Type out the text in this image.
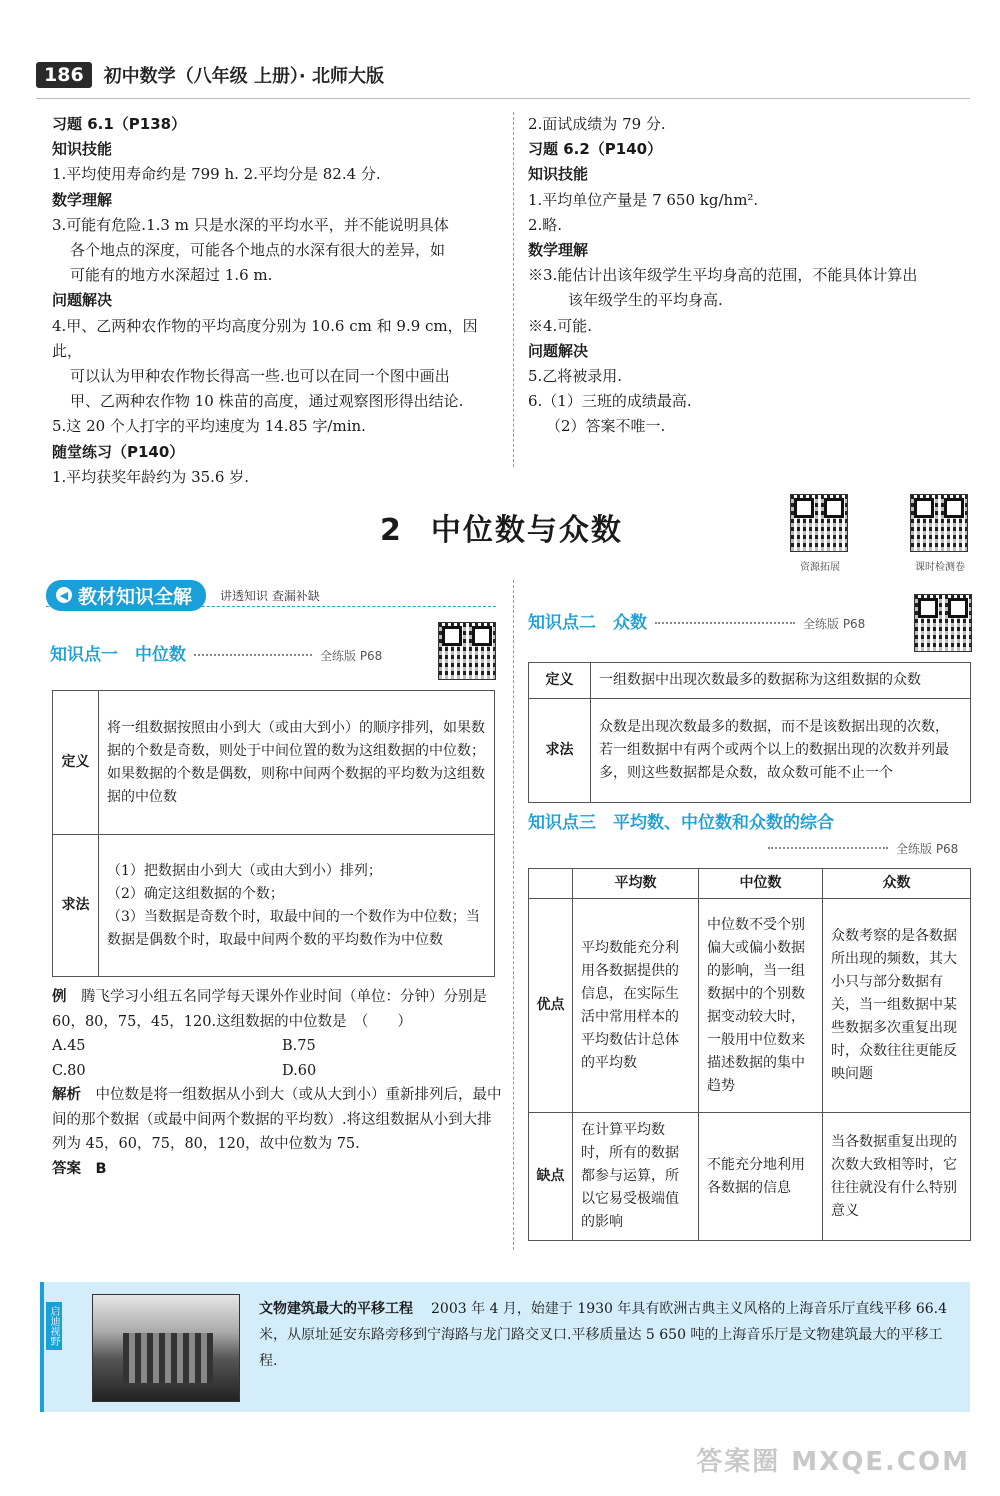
186	初中数学（八年级 上册）· 北师大版
习题 6.1（P138）
知识技能
1.平均使用寿命约是 799 h. 2.平均分是 82.4 分.
数学理解
3.可能有危险.1.3 m 只是水深的平均水平，并不能说明具体
各个地点的深度，可能各个地点的水深有很大的差异，如
可能有的地方水深超过 1.6 m.
问题解决
4.甲、乙两种农作物的平均高度分别为 10.6 cm 和 9.9 cm，因此，
可以认为甲种农作物长得高一些.也可以在同一个图中画出
甲、乙两种农作物 10 株苗的高度，通过观察图形得出结论.
5.这 20 个人打字的平均速度为 14.85 字/min.
随堂练习（P140）
1.平均获奖年龄约为 35.6 岁.
2.面试成绩为 79 分.
习题 6.2（P140）
知识技能
1.平均单位产量是 7 650 kg/hm².
2.略.
数学理解
※3.能估计出该年级学生平均身高的范围，不能具体计算出
该年级学生的平均身高.
※4.可能.
问题解决
5.乙将被录用.
6.（1）三班的成绩最高.
（2）答案不唯一.
2 中位数与众数
资源拓展	课时检测卷
◀ 教材知识全解 讲透知识 查漏补缺
知识点一　中位数	全练版 P68
定义	将一组数据按照由小到大（或由大到小）的顺序排列，如果数据的个数是奇数，则处于中间位置的数为这组数据的中位数；如果数据的个数是偶数，则称中间两个数据的平均数为这组数据的中位数
求法	（1）把数据由小到大（或由大到小）排列；
（2）确定这组数据的个数；
（3）当数据是奇数个时，取最中间的一个数作为中位数；当数据是偶数个时，取最中间两个数的平均数作为中位数
例　 腾飞学习小组五名同学每天课外作业时间（单位：分钟）分别是 60，80，75，45，120.这组数据的中位数是　（　　）
A.45	B.75
C.80	D.60
解析　 中位数是将一组数据从小到大（或从大到小）重新排列后，最中间的那个数据（或最中间两个数据的平均数）.将这组数据从小到大排列为 45，60，75，80，120，故中位数为 75.
答案　 B
知识点二　众数	全练版 P68
定义	一组数据中出现次数最多的数据称为这组数据的众数
求法	众数是出现次数最多的数据，而不是该数据出现的次数，若一组数据中有两个或两个以上的数据出现的次数并列最多，则这些数据都是众数，故众数可能不止一个
知识点三　平均数、中位数和众数的综合
全练版 P68
	平均数	中位数	众数
优点	平均数能充分利用各数据提供的信息，在实际生活中常用样本的平均数估计总体的平均数	中位数不受个别偏大或偏小数据的影响，当一组数据中的个别数据变动较大时，一般用中位数来描述数据的集中趋势	众数考察的是各数据所出现的频数，其大小只与部分数据有关，当一组数据中某些数据多次重复出现时，众数往往更能反映问题
缺点	在计算平均数时，所有的数据都参与运算，所以它易受极端值的影响	不能充分地利用各数据的信息	当各数据重复出现的次数大致相等时，它往往就没有什么特别意义
启迪视野	文物建筑最大的平移工程 2003 年 4 月，始建于 1930 年具有欧洲古典主义风格的上海音乐厅直线平移 66.4 米，从原址延安东路旁移到宁海路与龙门路交叉口.平移质量达 5 650 吨的上海音乐厅是文物建筑最大的平移工程.
答案圈 MXQE.COM
